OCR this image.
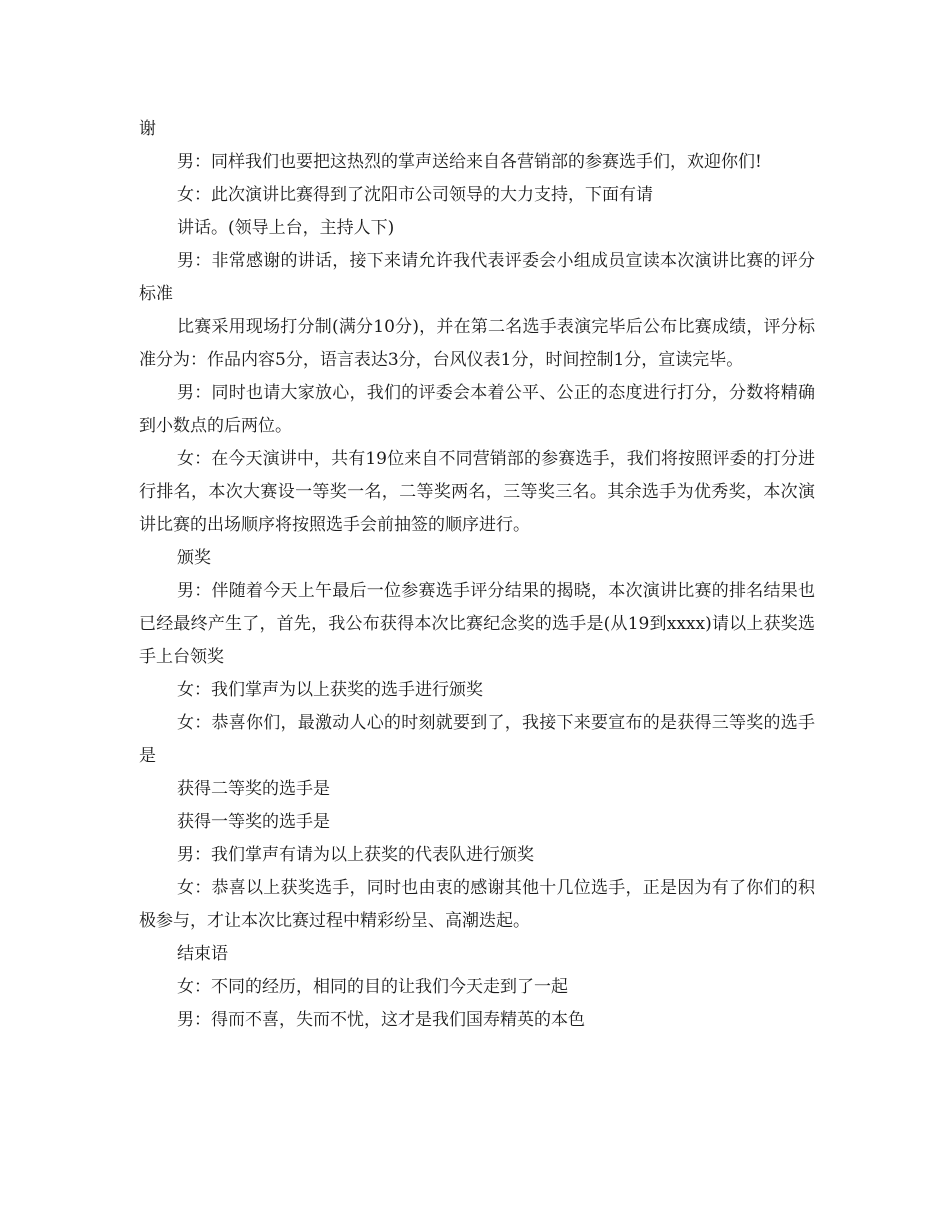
谢

男：同样我们也要把这热烈的掌声送给来自各营销部的参赛选手们，欢迎你们!

女：此次演讲比赛得到了沈阳市公司领导的大力支持，下面有请

讲话。(领导上台，主持人下)

男：非常感谢的讲话，接下来请允许我代表评委会小组成员宣读本次演讲比赛的评分标准

比赛采用现场打分制(满分10分)，并在第二名选手表演完毕后公布比赛成绩，评分标准分为：作品内容5分，语言表达3分，台风仪表1分，时间控制1分，宣读完毕。

男：同时也请大家放心，我们的评委会本着公平、公正的态度进行打分，分数将精确到小数点的后两位。

女：在今天演讲中，共有19位来自不同营销部的参赛选手，我们将按照评委的打分进行排名，本次大赛设一等奖一名，二等奖两名，三等奖三名。其余选手为优秀奖，本次演讲比赛的出场顺序将按照选手会前抽签的顺序进行。

颁奖

男：伴随着今天上午最后一位参赛选手评分结果的揭晓，本次演讲比赛的排名结果也已经最终产生了，首先，我公布获得本次比赛纪念奖的选手是(从19到xxxx)请以上获奖选手上台领奖

女：我们掌声为以上获奖的选手进行颁奖

女：恭喜你们，最激动人心的时刻就要到了，我接下来要宣布的是获得三等奖的选手是

获得二等奖的选手是

获得一等奖的选手是

男：我们掌声有请为以上获奖的代表队进行颁奖

女：恭喜以上获奖选手，同时也由衷的感谢其他十几位选手，正是因为有了你们的积极参与，才让本次比赛过程中精彩纷呈、高潮迭起。

结束语

女：不同的经历，相同的目的让我们今天走到了一起

男：得而不喜，失而不忧，这才是我们国寿精英的本色
